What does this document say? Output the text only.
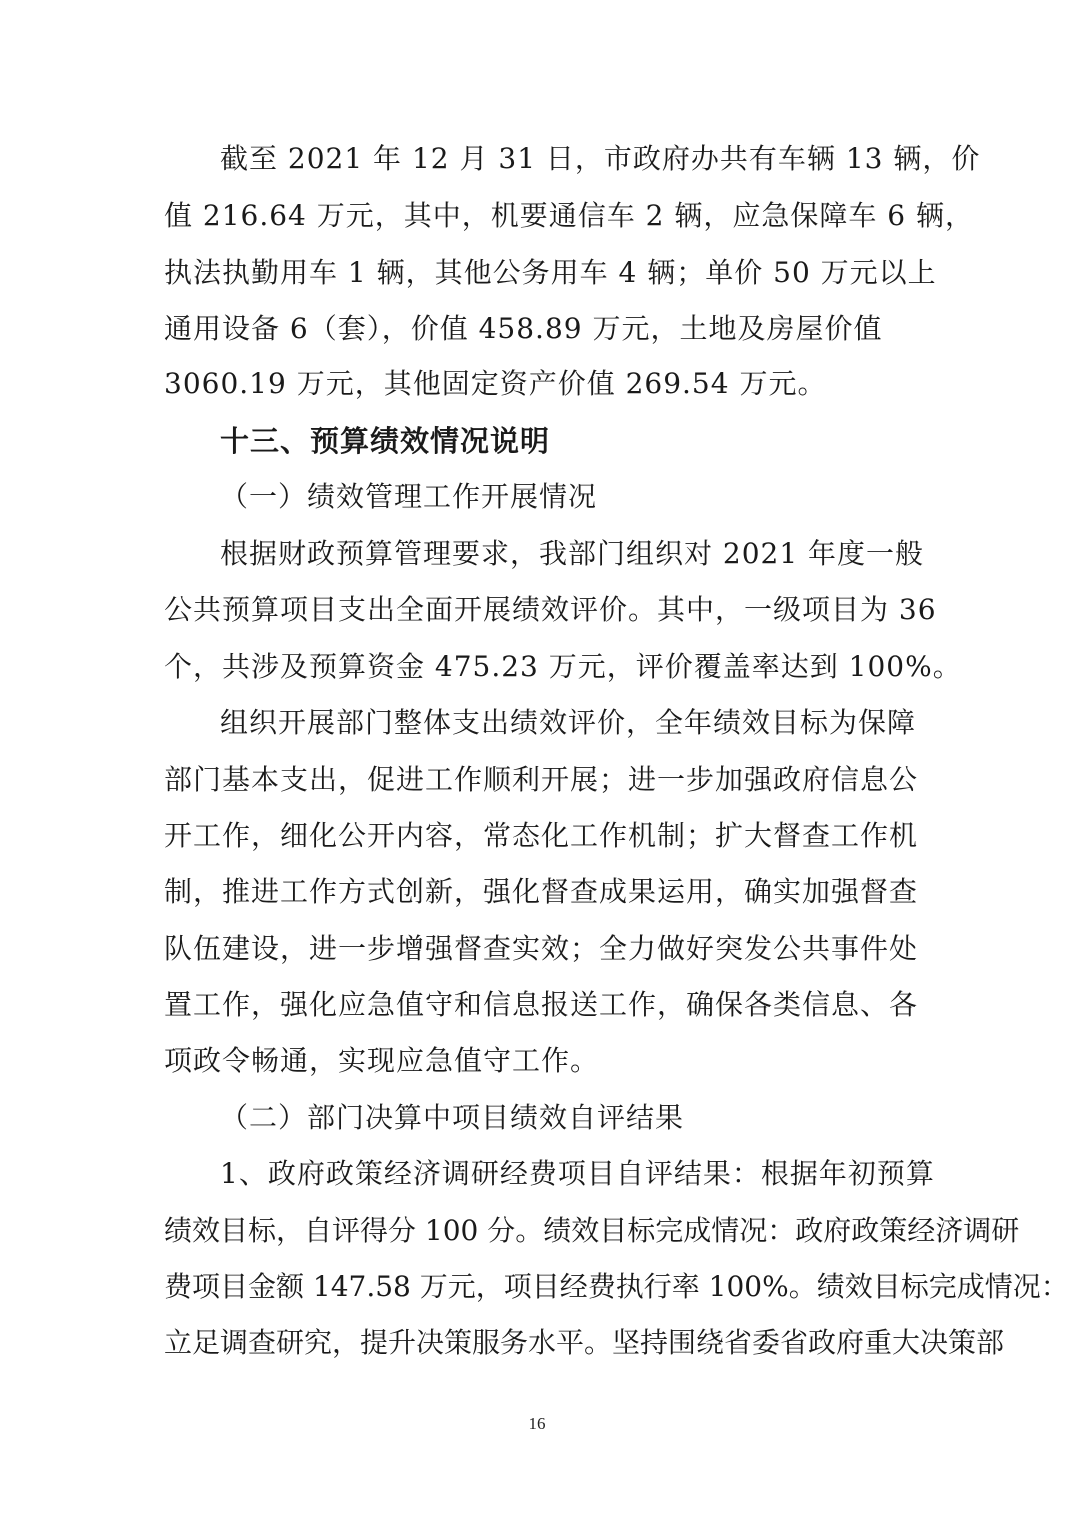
截至 2021 年 12 月 31 日，市政府办共有车辆 13 辆，价
值 216.64 万元，其中，机要通信车 2 辆，应急保障车 6 辆，
执法执勤用车 1 辆，其他公务用车 4 辆；单价 50 万元以上
通用设备 6（套），价值 458.89 万元，土地及房屋价值
3060.19 万元，其他固定资产价值 269.54 万元。
十三、预算绩效情况说明
（一）绩效管理工作开展情况
根据财政预算管理要求，我部门组织对 2021 年度一般
公共预算项目支出全面开展绩效评价。其中，一级项目为 36
个，共涉及预算资金 475.23 万元，评价覆盖率达到 100%。
组织开展部门整体支出绩效评价，全年绩效目标为保障
部门基本支出，促进工作顺利开展；进一步加强政府信息公
开工作，细化公开内容，常态化工作机制；扩大督查工作机
制，推进工作方式创新，强化督查成果运用，确实加强督查
队伍建设，进一步增强督查实效；全力做好突发公共事件处
置工作，强化应急值守和信息报送工作，确保各类信息、各
项政令畅通，实现应急值守工作。
（二）部门决算中项目绩效自评结果
1、政府政策经济调研经费项目自评结果：根据年初预算
绩效目标，自评得分 100 分。绩效目标完成情况：政府政策经济调研
费项目金额 147.58 万元，项目经费执行率 100%。绩效目标完成情况：
立足调查研究，提升决策服务水平。坚持围绕省委省政府重大决策部
16
